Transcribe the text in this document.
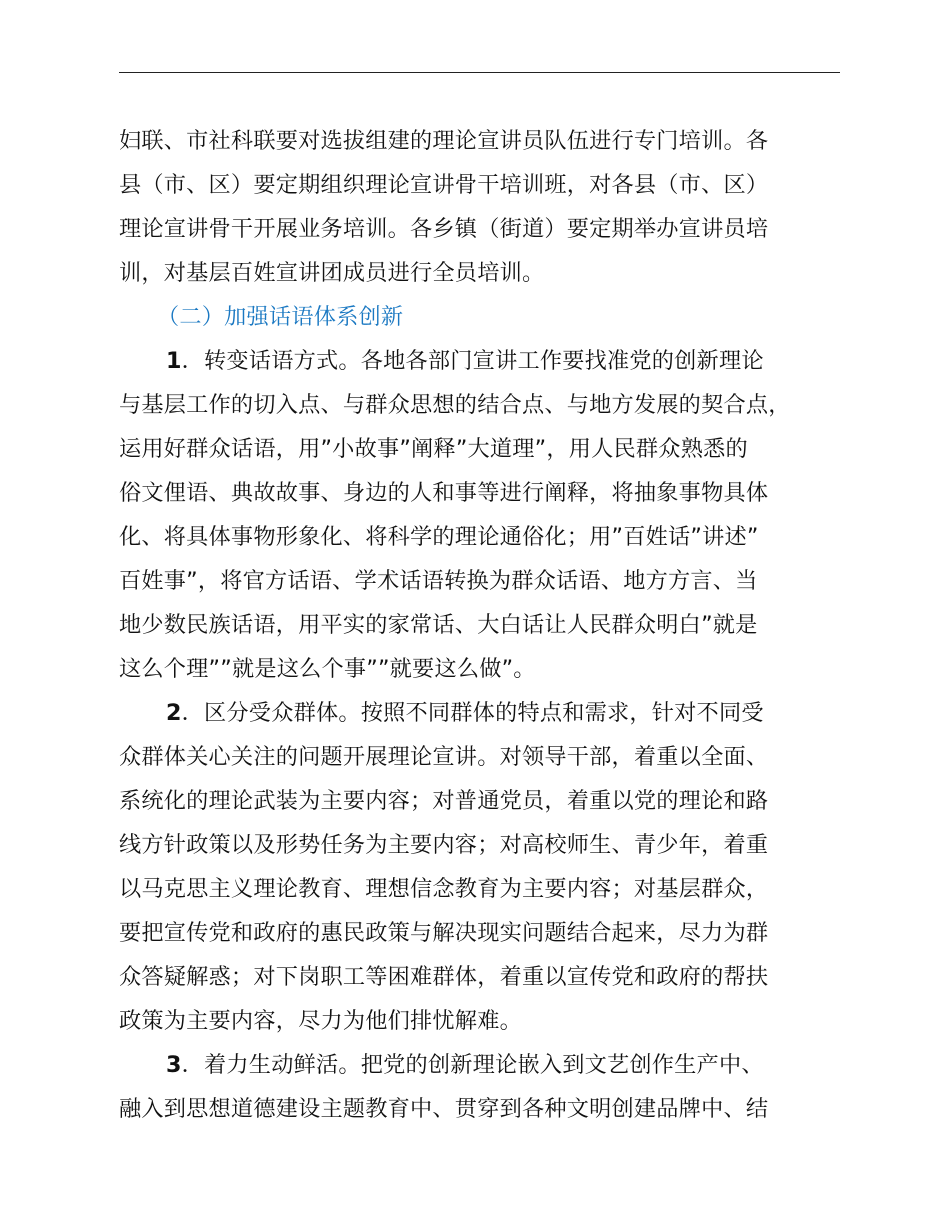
妇联、市社科联要对选拔组建的理论宣讲员队伍进行专门培训。各
县（市、区）要定期组织理论宣讲骨干培训班，对各县（市、区）
理论宣讲骨干开展业务培训。各乡镇（街道）要定期举办宣讲员培
训，对基层百姓宣讲团成员进行全员培训。
（二）加强话语体系创新
1．转变话语方式。各地各部门宣讲工作要找准党的创新理论
与基层工作的切入点、与群众思想的结合点、与地方发展的契合点，
运用好群众话语，用”小故事”阐释”大道理”，用人民群众熟悉的
俗文俚语、典故故事、身边的人和事等进行阐释，将抽象事物具体
化、将具体事物形象化、将科学的理论通俗化；用”百姓话”讲述”
百姓事”，将官方话语、学术话语转换为群众话语、地方方言、当
地少数民族话语，用平实的家常话、大白话让人民群众明白”就是
这么个理””就是这么个事””就要这么做”。
2．区分受众群体。按照不同群体的特点和需求，针对不同受
众群体关心关注的问题开展理论宣讲。对领导干部，着重以全面、
系统化的理论武装为主要内容；对普通党员，着重以党的理论和路
线方针政策以及形势任务为主要内容；对高校师生、青少年，着重
以马克思主义理论教育、理想信念教育为主要内容；对基层群众，
要把宣传党和政府的惠民政策与解决现实问题结合起来，尽力为群
众答疑解惑；对下岗职工等困难群体，着重以宣传党和政府的帮扶
政策为主要内容，尽力为他们排忧解难。
3．着力生动鲜活。把党的创新理论嵌入到文艺创作生产中、
融入到思想道德建设主题教育中、贯穿到各种文明创建品牌中、结
